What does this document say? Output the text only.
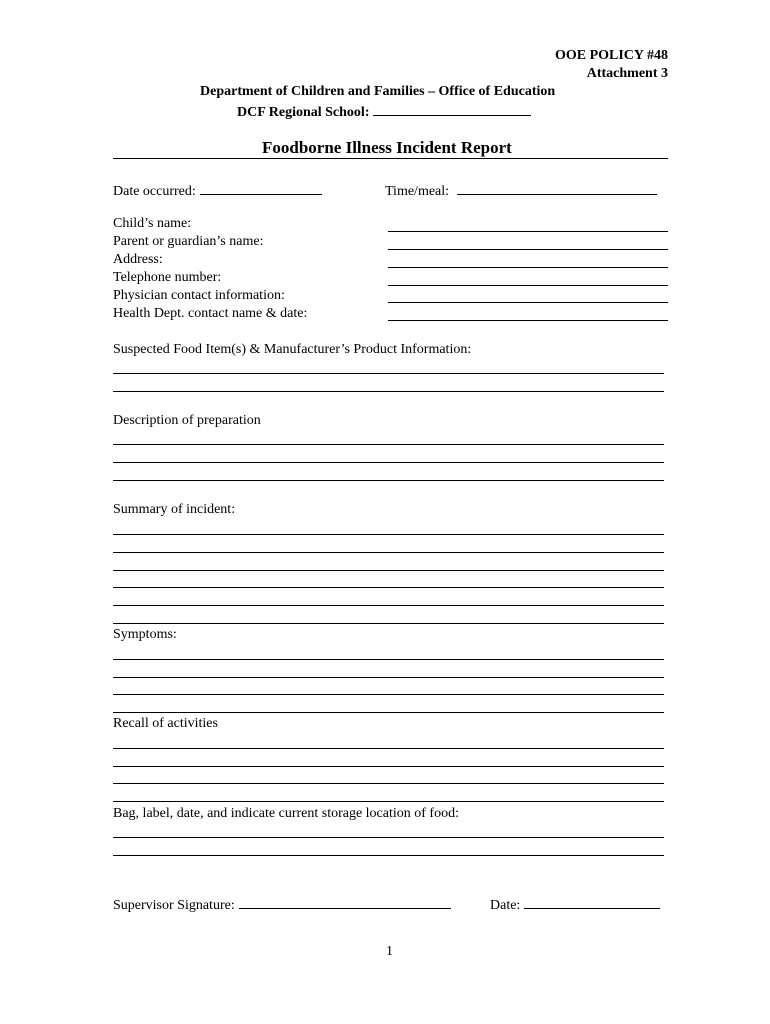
OOE POLICY #48
Attachment 3
Department of Children and Families – Office of Education
DCF Regional School:
Foodborne Illness Incident Report
Date occurred:	Time/meal:
Child’s name:
Parent or guardian’s name:
Address:
Telephone number:
Physician contact information:
Health Dept. contact name & date:
Suspected Food Item(s) & Manufacturer’s Product Information:
Description of preparation
Summary of incident:
Symptoms:
Recall of activities
Bag, label, date, and indicate current storage location of food:
Supervisor Signature:	Date:
1
